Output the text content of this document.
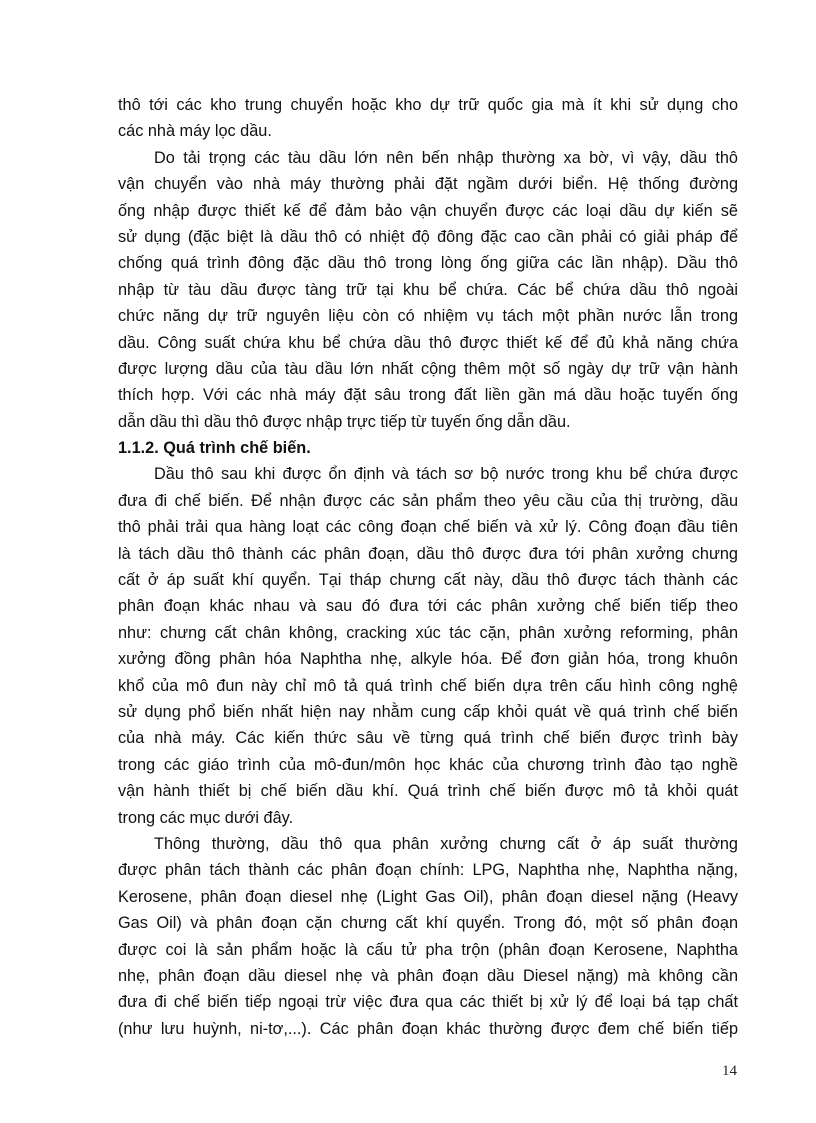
thô tới các kho trung chuyển hoặc kho dự trữ quốc gia mà ít khi sử dụng cho
các nhà máy lọc dầu.
Do tải trọng các tàu dầu lớn nên bến nhập thường xa bờ, vì vậy, dầu thô
vận chuyển vào nhà máy thường phải đặt ngầm dưới biển. Hệ thống đường
ống nhập được thiết kế để đảm bảo vận chuyển được các loại dầu dự kiến sẽ
sử dụng (đặc biệt là dầu thô có nhiệt độ đông đặc cao cần phải có giải pháp để
chống quá trình đông đặc dầu thô trong lòng ống giữa các lần nhập). Dầu thô
nhập từ tàu dầu được tàng trữ tại khu bể chứa. Các bể chứa dầu thô ngoài
chức năng dự trữ nguyên liệu còn có nhiệm vụ tách một phần nước lẫn trong
dầu. Công suất chứa khu bể chứa dầu thô được thiết kế để đủ khả năng chứa
được lượng dầu của tàu dầu lớn nhất cộng thêm một số ngày dự trữ vận hành
thích hợp. Với các nhà máy đặt sâu trong đất liền gần má dầu hoặc tuyến ống
dẫn dầu thì dầu thô được nhập trực tiếp từ tuyến ống dẫn dầu.
1.1.2. Quá trình chế biến.
Dầu thô sau khi được ổn định và tách sơ bộ nước trong khu bể chứa được
đưa đi chế biến. Để nhận được các sản phẩm theo yêu cầu của thị trường, dầu
thô phải trải qua hàng loạt các công đoạn chế biến và xử lý. Công đoạn đầu tiên
là tách dầu thô thành các phân đoạn, dầu thô được đưa tới phân xưởng chưng
cất ở áp suất khí quyển. Tại tháp chưng cất này, dầu thô được tách thành các
phân đoạn khác nhau và sau đó đưa tới các phân xưởng chế biến tiếp theo
như: chưng cất chân không, cracking xúc tác cặn, phân xưởng reforming, phân
xưởng đồng phân hóa Naphtha nhẹ, alkyle hóa. Để đơn giản hóa, trong khuôn
khổ của mô đun này chỉ mô tả quá trình chế biến dựa trên cấu hình công nghệ
sử dụng phổ biến nhất hiện nay nhằm cung cấp khỏi quát về quá trình chế biến
của nhà máy. Các kiến thức sâu về từng quá trình chế biến được trình bày
trong các giáo trình của mô-đun/môn học khác của chương trình đào tạo nghề
vận hành thiết bị chế biến dầu khí. Quá trình chế biến được mô tả khỏi quát
trong các mục dưới đây.
Thông thường, dầu thô qua phân xưởng chưng cất ở áp suất thường
được phân tách thành các phân đoạn chính: LPG, Naphtha nhẹ, Naphtha nặng,
Kerosene, phân đoạn diesel nhẹ (Light Gas Oil), phân đoạn diesel nặng (Heavy
Gas Oil) và phân đoạn cặn chưng cất khí quyển. Trong đó, một số phân đoạn
được coi là sản phẩm hoặc là cấu tử pha trộn (phân đoạn Kerosene, Naphtha
nhẹ, phân đoạn dầu diesel nhẹ và phân đoạn dầu Diesel nặng) mà không cần
đưa đi chế biến tiếp ngoại trừ việc đưa qua các thiết bị xử lý để loại bá tạp chất
(như lưu huỳnh, ni-tơ,...). Các phân đoạn khác thường được đem chế biến tiếp
14
